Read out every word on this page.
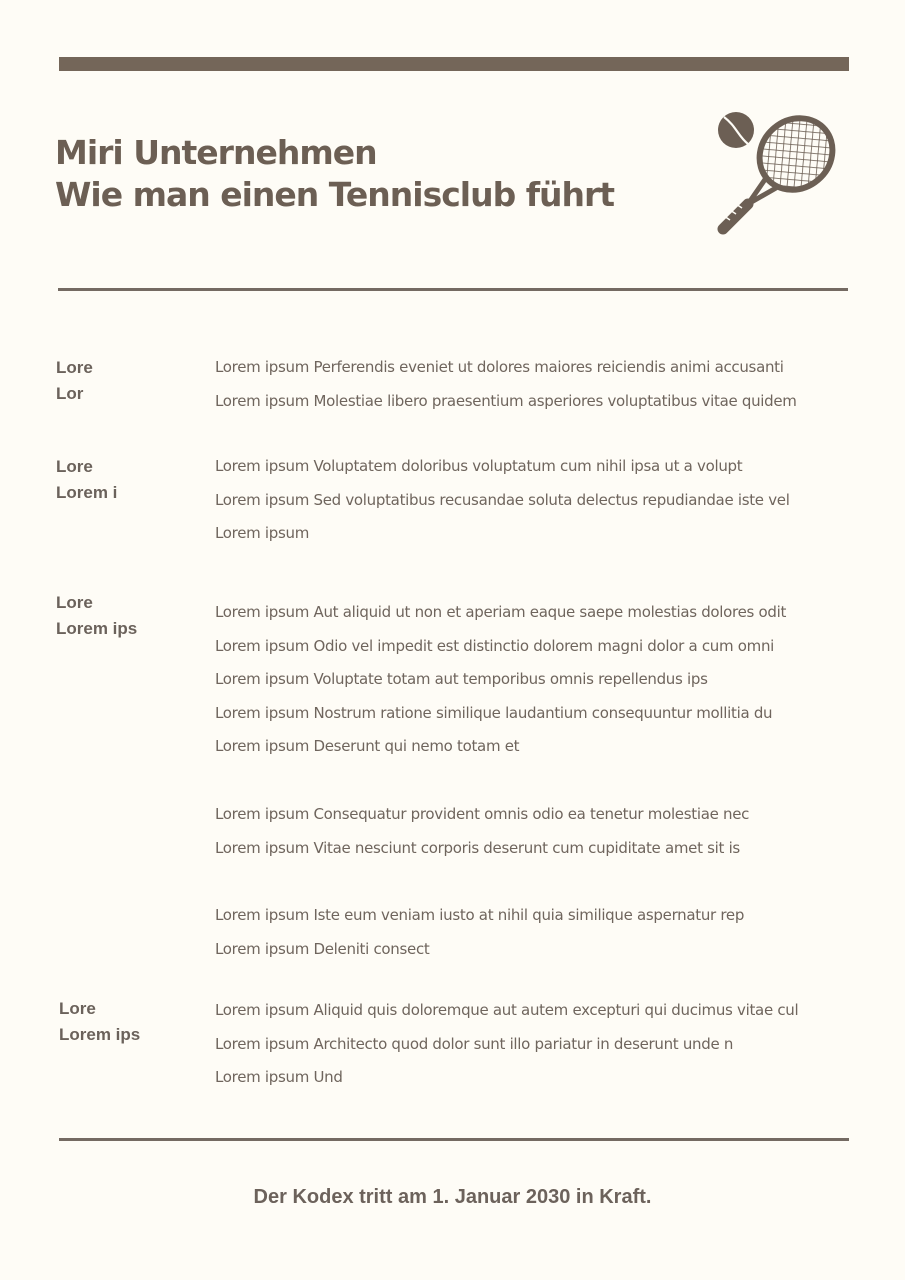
Miri Unternehmen
Wie man einen Tennisclub führt
Lore
Lor
Lorem ipsum Perferendis eveniet ut dolores maiores reiciendis animi accusanti
Lorem ipsum Molestiae libero praesentium asperiores voluptatibus vitae quidem
Lore
Lorem i
Lorem ipsum Voluptatem doloribus voluptatum cum nihil ipsa ut a volupt
Lorem ipsum Sed voluptatibus recusandae soluta delectus repudiandae iste vel
Lorem ipsum
Lore
Lorem ips
Lorem ipsum Aut aliquid ut non et aperiam eaque saepe molestias dolores odit
Lorem ipsum Odio vel impedit est distinctio dolorem magni dolor a cum omni
Lorem ipsum Voluptate totam aut temporibus omnis repellendus ips
Lorem ipsum Nostrum ratione similique laudantium consequuntur mollitia du
Lorem ipsum Deserunt qui nemo totam et
Lorem ipsum Consequatur provident omnis odio ea tenetur molestiae nec
Lorem ipsum Vitae nesciunt corporis deserunt cum cupiditate amet sit is
Lorem ipsum Iste eum veniam iusto at nihil quia similique aspernatur rep
Lorem ipsum Deleniti consect
Lore
Lorem ips
Lorem ipsum Aliquid quis doloremque aut autem excepturi qui ducimus vitae cul
Lorem ipsum Architecto quod dolor sunt illo pariatur in deserunt unde n
Lorem ipsum Und
Der Kodex tritt am 1. Januar 2030 in Kraft.
